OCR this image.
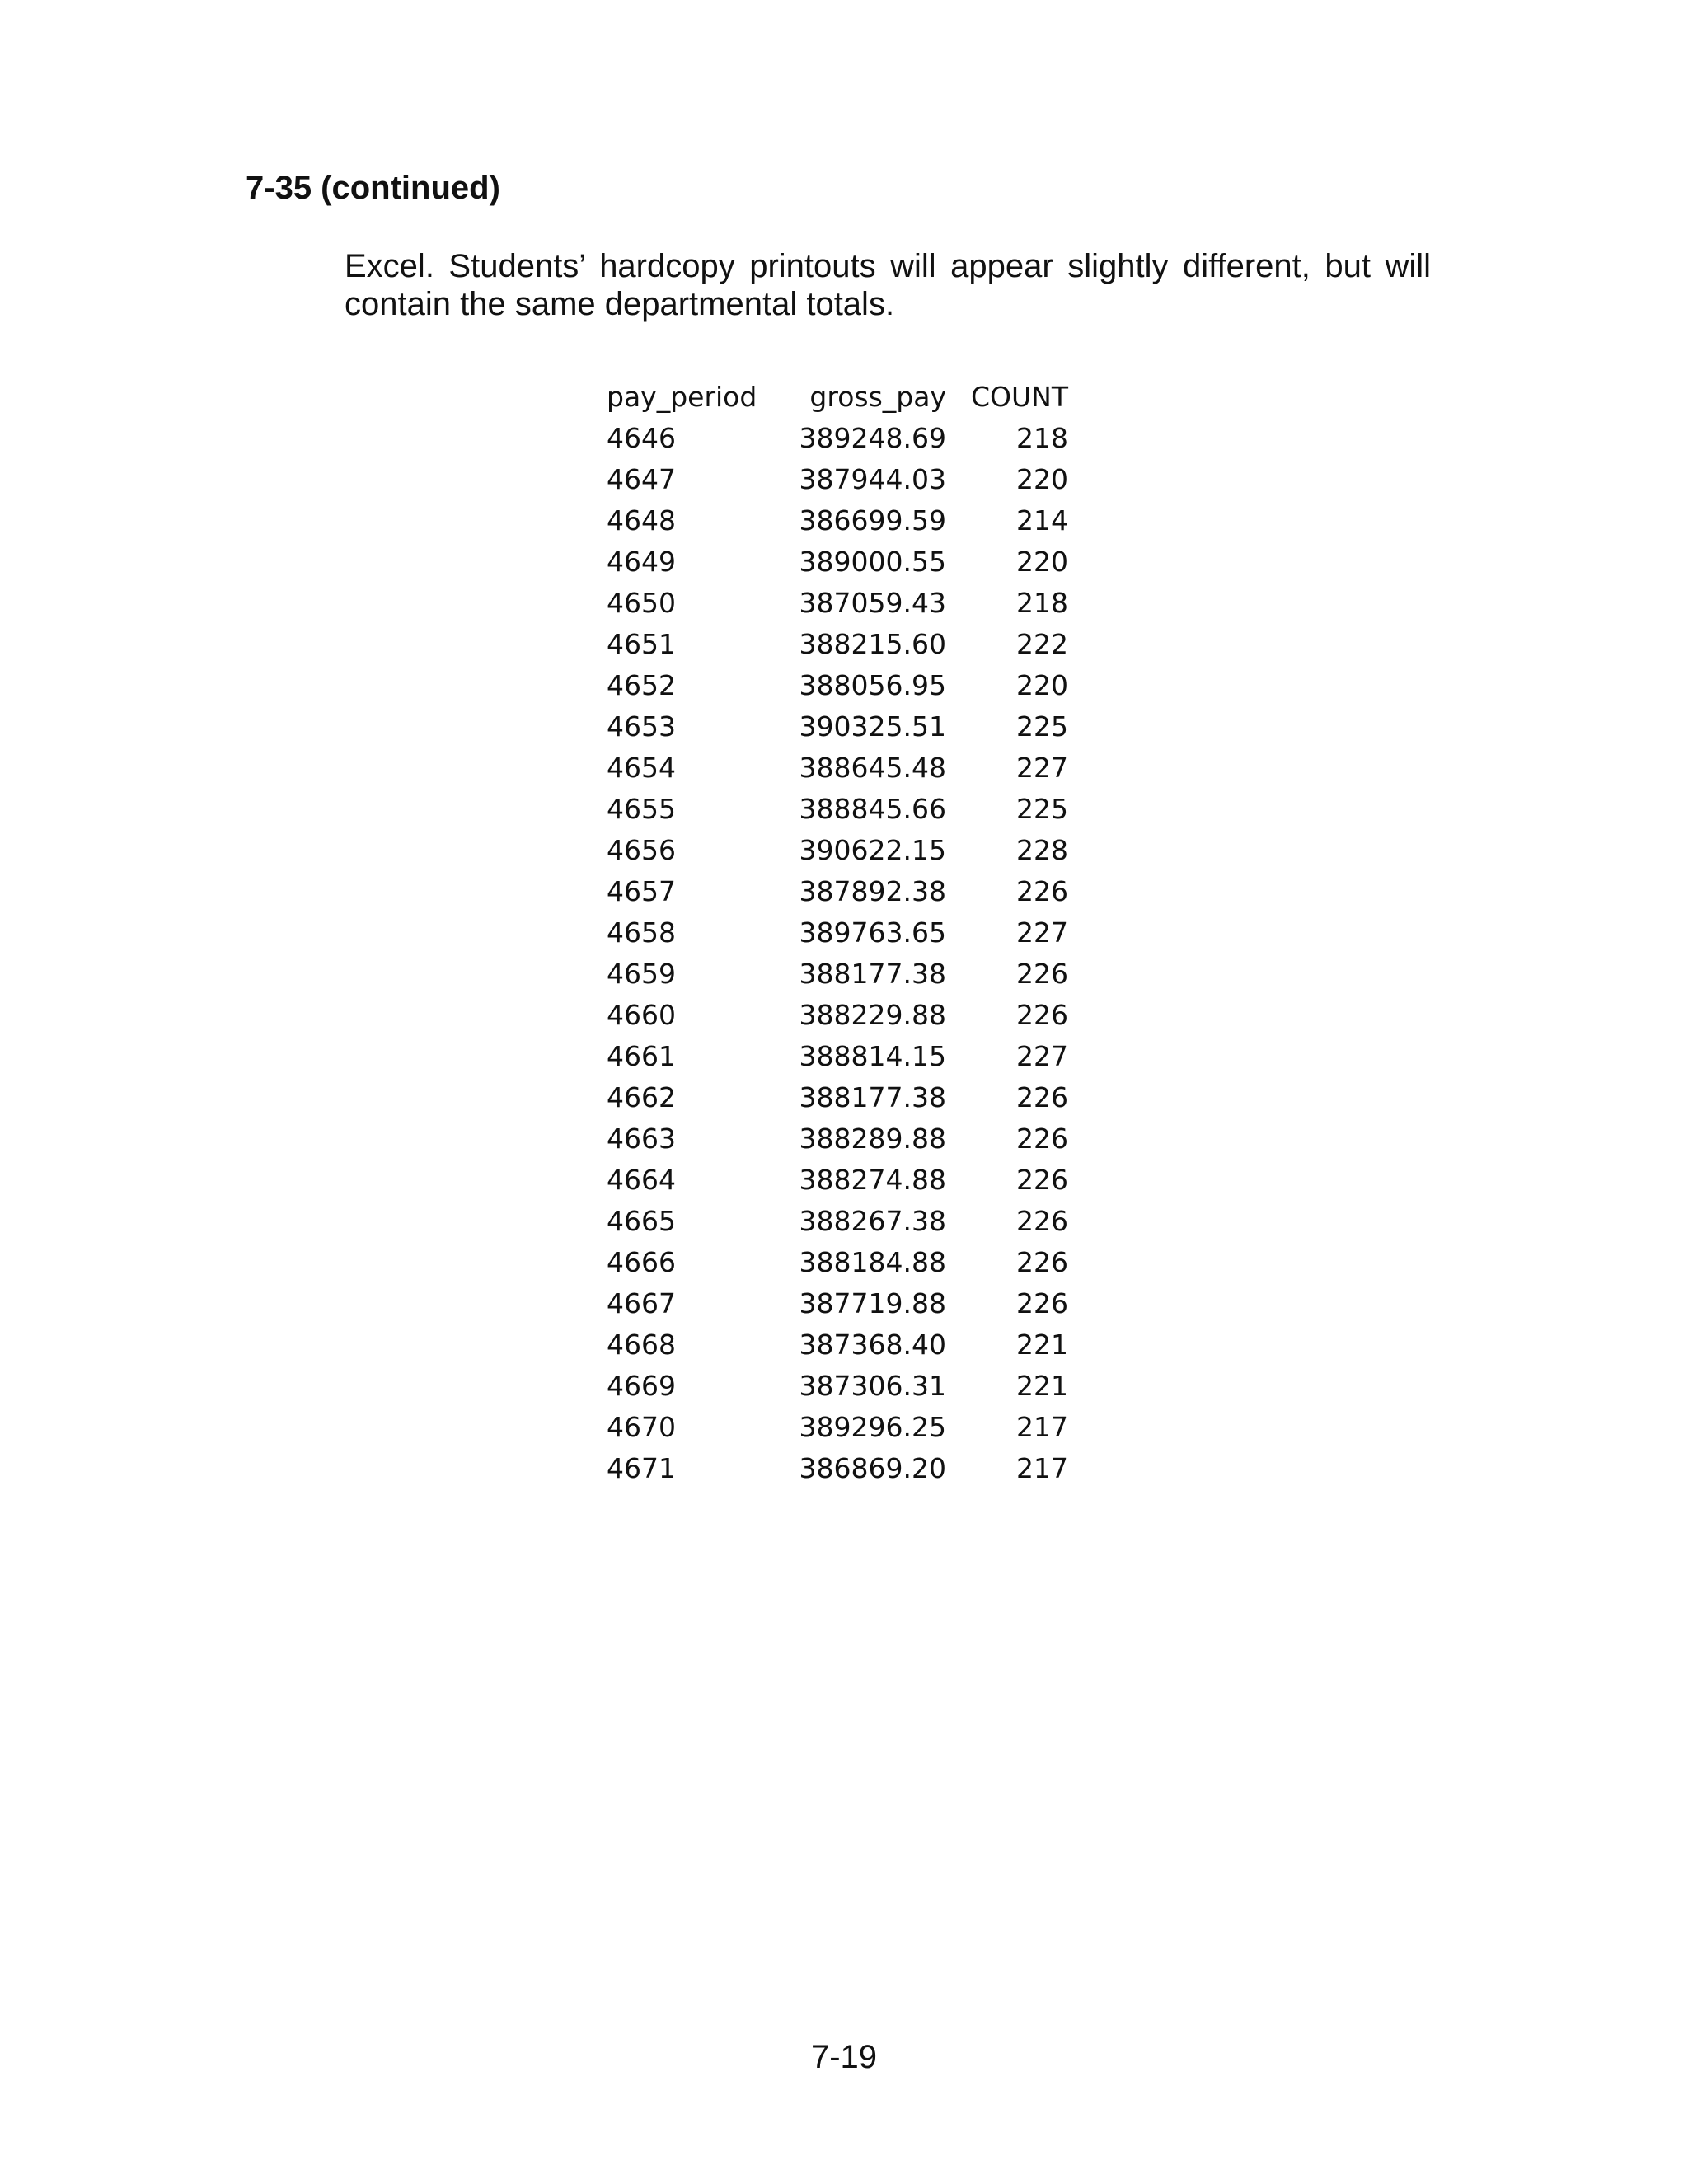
7-35 (continued)

Excel. Students’ hardcopy printouts will appear slightly different, but will contain the same departmental totals.

pay_period	gross_pay	COUNT
4646	389248.69	218
4647	387944.03	220
4648	386699.59	214
4649	389000.55	220
4650	387059.43	218
4651	388215.60	222
4652	388056.95	220
4653	390325.51	225
4654	388645.48	227
4655	388845.66	225
4656	390622.15	228
4657	387892.38	226
4658	389763.65	227
4659	388177.38	226
4660	388229.88	226
4661	388814.15	227
4662	388177.38	226
4663	388289.88	226
4664	388274.88	226
4665	388267.38	226
4666	388184.88	226
4667	387719.88	226
4668	387368.40	221
4669	387306.31	221
4670	389296.25	217
4671	386869.20	217

7-19
